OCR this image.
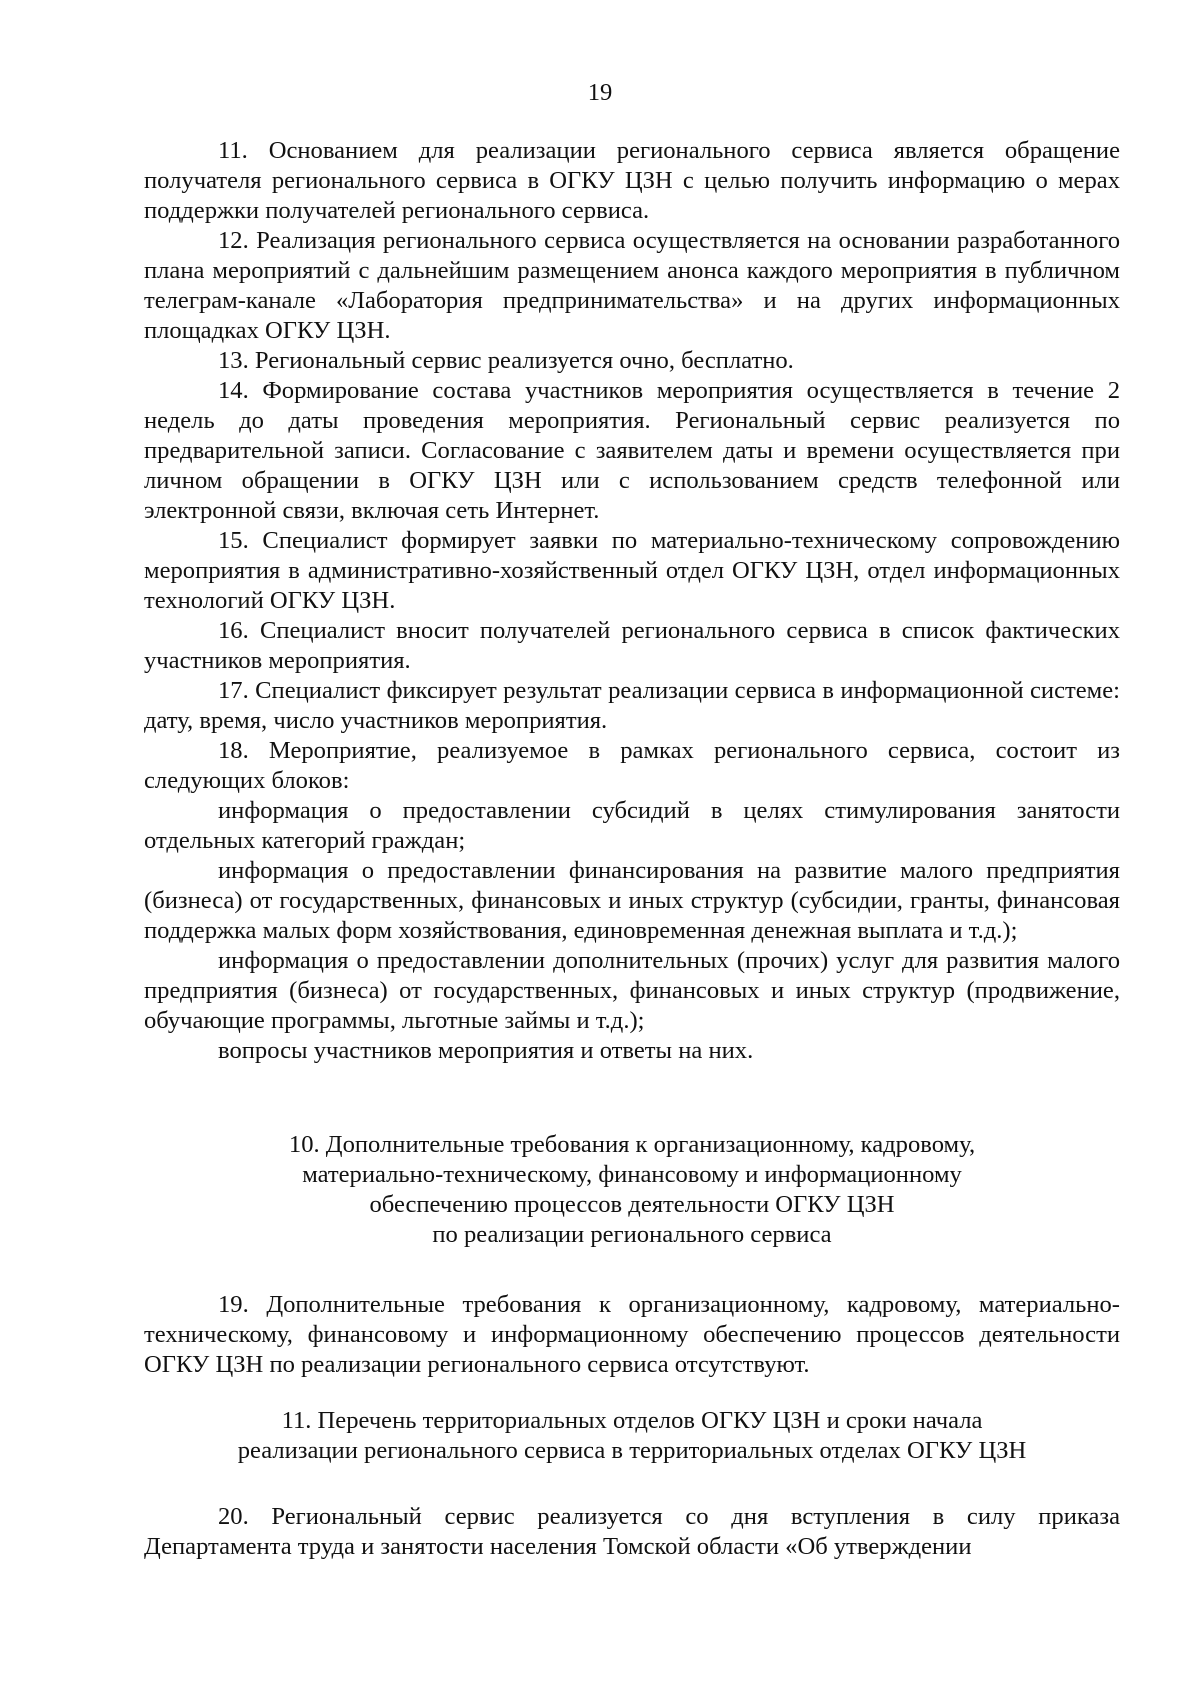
19

11. Основанием для реализации регионального сервиса является обращение получателя регионального сервиса в ОГКУ ЦЗН с целью получить информацию о мерах поддержки получателей регионального сервиса.

12. Реализация регионального сервиса осуществляется на основании разработанного плана мероприятий с дальнейшим размещением анонса каждого мероприятия в публичном телеграм-канале «Лаборатория предпринимательства» и на других информационных площадках ОГКУ ЦЗН.

13. Региональный сервис реализуется очно, бесплатно.

14. Формирование состава участников мероприятия осуществляется в течение 2 недель до даты проведения мероприятия. Региональный сервис реализуется по предварительной записи. Согласование с заявителем даты и времени осуществляется при личном обращении в ОГКУ ЦЗН или с использованием средств телефонной или электронной связи, включая сеть Интернет.

15. Специалист формирует заявки по материально-техническому сопровождению мероприятия в административно-хозяйственный отдел ОГКУ ЦЗН, отдел информационных технологий ОГКУ ЦЗН.

16. Специалист вносит получателей регионального сервиса в список фактических участников мероприятия.

17. Специалист фиксирует результат реализации сервиса в информационной системе: дату, время, число участников мероприятия.

18. Мероприятие, реализуемое в рамках регионального сервиса, состоит из следующих блоков:

информация о предоставлении субсидий в целях стимулирования занятости отдельных категорий граждан;

информация о предоставлении финансирования на развитие малого предприятия (бизнеса) от государственных, финансовых и иных структур (субсидии, гранты, финансовая поддержка малых форм хозяйствования, единовременная денежная выплата и т.д.);

информация о предоставлении дополнительных (прочих) услуг для развития малого предприятия (бизнеса) от государственных, финансовых и иных структур (продвижение, обучающие программы, льготные займы и т.д.);

вопросы участников мероприятия и ответы на них.

10. Дополнительные требования к организационному, кадровому,
материально-техническому, финансовому и информационному
обеспечению процессов деятельности ОГКУ ЦЗН
по реализации регионального сервиса

19. Дополнительные требования к организационному, кадровому, материально-техническому, финансовому и информационному обеспечению процессов деятельности ОГКУ ЦЗН по реализации регионального сервиса отсутствуют.

11. Перечень территориальных отделов ОГКУ ЦЗН и сроки начала
реализации регионального сервиса в территориальных отделах ОГКУ ЦЗН

20. Региональный сервис реализуется со дня вступления в силу приказа Департамента труда и занятости населения Томской области «Об утверждении
